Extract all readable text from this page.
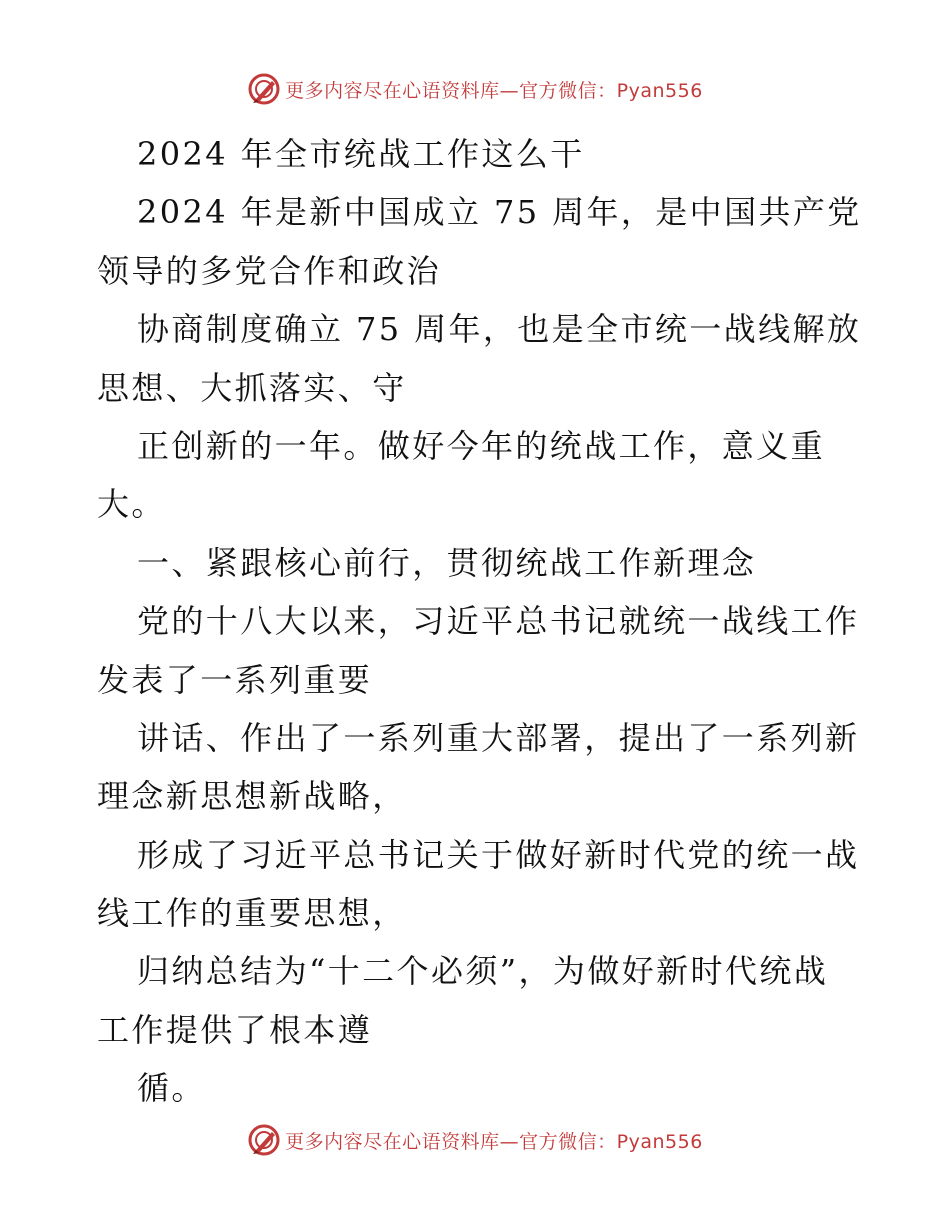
更多内容尽在心语资料库—官方微信：Pyan556
2024 年全市统战工作这么干
2024 年是新中国成立 75 周年，是中国共产党
领导的多党合作和政治
协商制度确立 75 周年，也是全市统一战线解放
思想、大抓落实、守
正创新的一年。做好今年的统战工作，意义重
大。
一、紧跟核心前行，贯彻统战工作新理念
党的十八大以来，习近平总书记就统一战线工作
发表了一系列重要
讲话、作出了一系列重大部署，提出了一系列新
理念新思想新战略，
形成了习近平总书记关于做好新时代党的统一战
线工作的重要思想，
归纳总结为“十二个必须”，为做好新时代统战
工作提供了根本遵
循。
更多内容尽在心语资料库—官方微信：Pyan556
